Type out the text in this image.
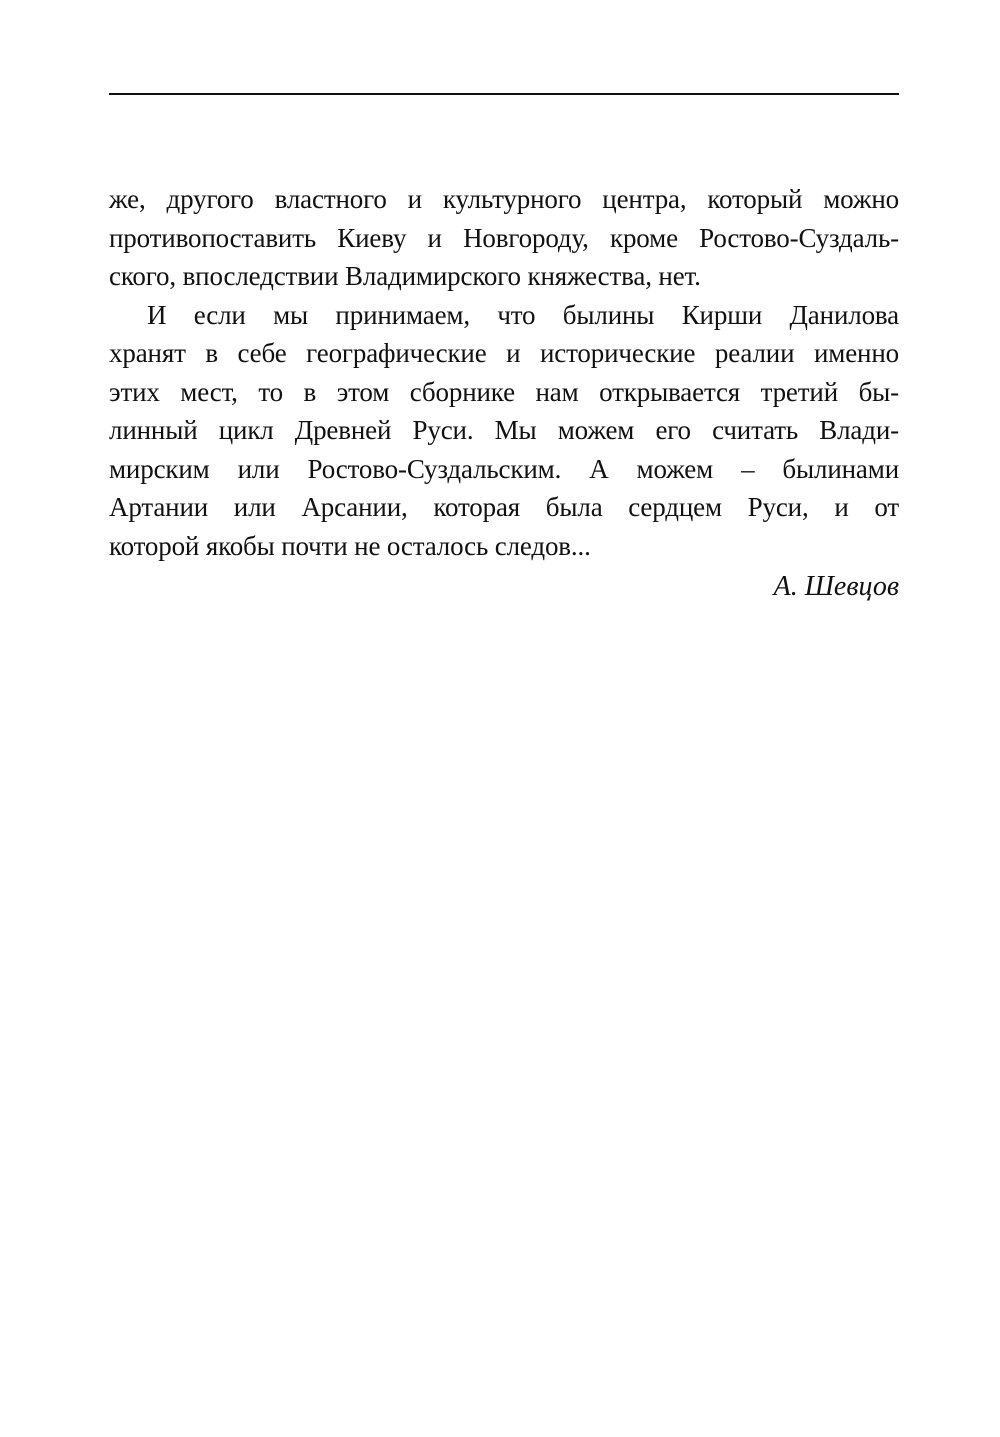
же, другого властного и культурного центра, который можно
противопоставить Киеву и Новгороду, кроме Ростово-Суздаль-
ского, впоследствии Владимирского княжества, нет.
И если мы принимаем, что былины Кирши Данилова
хранят в себе географические и исторические реалии именно
этих мест, то в этом сборнике нам открывается третий бы-
линный цикл Древней Руси. Мы можем его считать Влади-
мирским или Ростово-Суздальским. А можем – былинами
Артании или Арсании, которая была сердцем Руси, и от
которой якобы почти не осталось следов...
А. Шевцов
